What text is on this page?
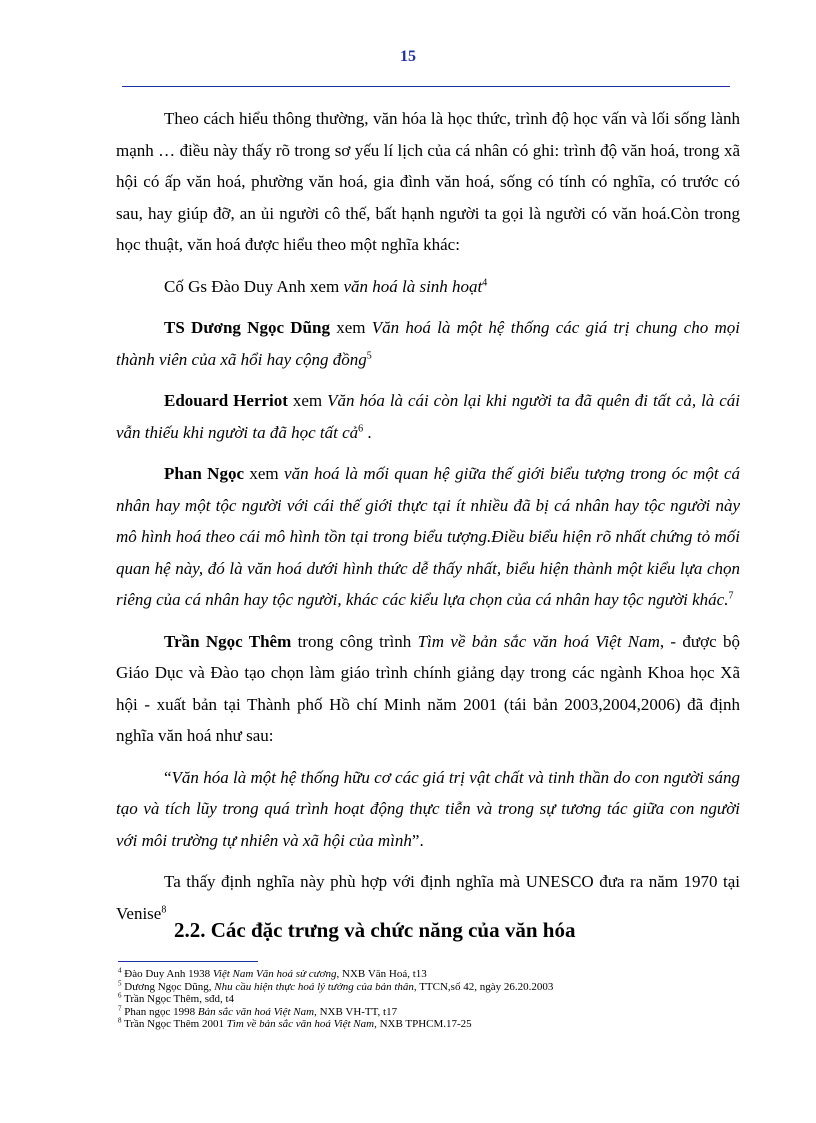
15

Theo cách hiểu thông thường, văn hóa là học thức, trình độ học vấn và lối sống lành mạnh … điều này thấy rõ trong sơ yếu lí lịch của cá nhân có ghi: trình độ văn hoá, trong xã hội có ấp văn hoá, phường văn hoá, gia đình văn hoá, sống có tính có nghĩa, có trước có sau, hay giúp đỡ, an ủi người cô thế, bất hạnh người ta gọi là người có văn hoá.Còn trong học thuật, văn hoá được hiểu theo một nghĩa khác:

Cố Gs Đào Duy Anh xem văn hoá là sinh hoạt$^4$

TS Dương Ngọc Dũng xem Văn hoá là một hệ thống các giá trị chung cho mọi thành viên của xã hổi hay cộng đồng$^5$

Edouard Herriot xem Văn hóa là cái còn lại khi người ta đã quên đi tất cả, là cái vẫn thiếu khi người ta đã học tất cả$^6$ .

Phan Ngọc xem văn hoá là mối quan hệ giữa thế giới biểu tượng trong óc một cá nhân hay một tộc người với cái thế giới thực tại ít nhiều đã bị cá nhân hay tộc người này mô hình hoá theo cái mô hình tồn tại trong biểu tượng.Điều biểu hiện rõ nhất chứng tỏ mối quan hệ này, đó là văn hoá dưới hình thức dễ thấy nhất, biểu hiện thành một kiểu lựa chọn riêng của cá nhân hay tộc người, khác các kiểu lựa chọn của cá nhân hay tộc người khác.$^7$

Trần Ngọc Thêm trong công trình Tìm về bản sắc văn hoá Việt Nam, - được bộ Giáo Dục và Đào tạo chọn làm giáo trình chính giảng dạy trong các ngành Khoa học Xã hội - xuất bản tại Thành phố Hồ chí Minh năm 2001 (tái bản 2003,2004,2006) đã định nghĩa văn hoá như sau:

“Văn hóa là một hệ thống hữu cơ các giá trị vật chất và tinh thần do con người sáng tạo và tích lũy trong quá trình hoạt động thực tiễn và trong sự tương tác giữa con người với môi trường tự nhiên và xã hội của mình”.

Ta thấy định nghĩa này phù hợp với định nghĩa mà UNESCO đưa ra năm 1970 tại Venise$^8$

2.2. Các đặc trưng và chức năng của văn hóa
$^4$ Đào Duy Anh 1938 Việt Nam Văn hoá sử cương, NXB Văn Hoá, t13
$^5$ Dương Ngọc Dũng, Nhu cầu hiện thực hoá lý tưởng của bản thân, TTCN,số 42, ngày 26.20.2003
$^6$ Trần Ngọc Thêm, sđd, t4
$^7$ Phan ngọc 1998 Bản sắc văn hoá Việt Nam, NXB VH-TT, t17
$^8$ Trần Ngọc Thêm 2001 Tìm về bản sắc văn hoá Việt Nam, NXB TPHCM.17-25
